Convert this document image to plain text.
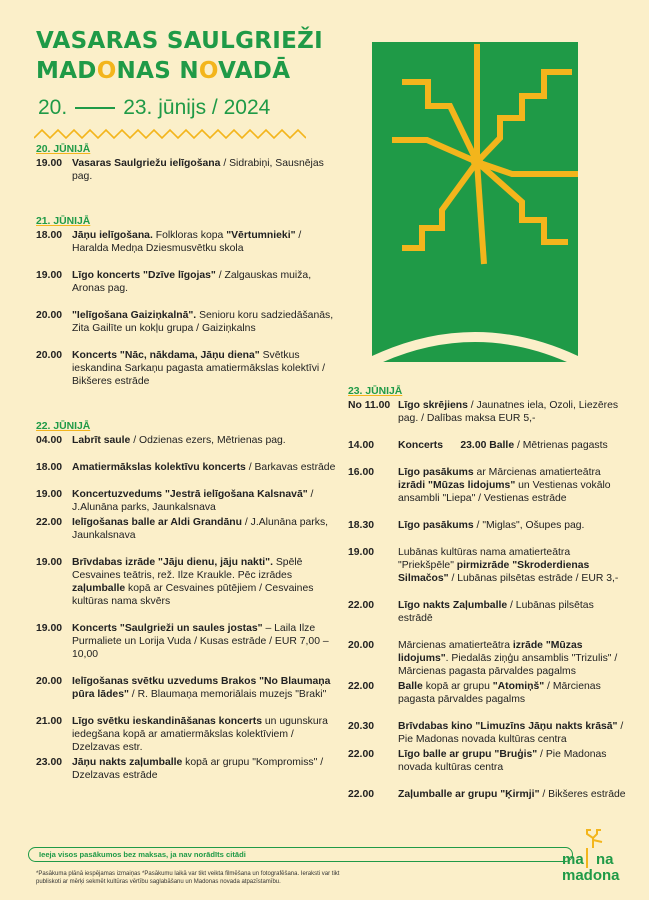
VASARAS SAULGRIEŽI
MADONAS NOVADĀ
20.	23. jūnijs / 2024
20. JŪNIJĀ
19.00 Vasaras Saulgriežu ielīgošana / Sidrabiņi, Sausnējas pag.
21. JŪNIJĀ
18.00 Jāņu ielīgošana. Folkloras kopa "Vērtumnieki" / Haralda Medņa Dziesmusvētku skola
19.00 Līgo koncerts "Dzīve līgojas" / Zalgauskas muiža, Aronas pag.
20.00 "Ielīgošana Gaiziņkalnā". Senioru koru sadziedāšanās, Zita Gailīte un kokļu grupa / Gaiziņkalns
20.00 Koncerts "Nāc, nākdama, Jāņu diena" Svētkus ieskandina Sarkaņu pagasta amatiermākslas kolektīvi / Bikšeres estrāde
22. JŪNIJĀ
04.00 Labrīt saule / Odzienas ezers, Mētrienas pag.
18.00 Amatiermākslas kolektīvu koncerts / Barkavas estrāde
19.00 Koncertuzvedums "Jestrā ielīgošana Kalsnavā" / J.Alunāna parks, Jaunkalsnava
22.00 Ielīgošanas balle ar Aldi Grandānu / J.Alunāna parks, Jaunkalsnava
19.00 Brīvdabas izrāde "Jāju dienu, jāju nakti". Spēlē Cesvaines teātris, rež. Ilze Kraukle. Pēc izrādes zaļumballe kopā ar Cesvaines pūtējiem / Cesvaines kultūras nama skvērs
19.00 Koncerts "Saulgrieži un saules jostas" – Laila Ilze Purmaliete un Lorija Vuda / Kusas estrāde / EUR 7,00 – 10,00
20.00 Ielīgošanas svētku uzvedums Brakos "No Blaumaņa pūra lādes" / R. Blaumaņa memoriālais muzejs "Braki"
21.00 Līgo svētku ieskandināšanas koncerts un ugunskura iedegšana kopā ar amatiermākslas kolektīviem / Dzelzavas estr.
23.00 Jāņu nakts zaļumballe kopā ar grupu "Kompromiss" / Dzelzavas estrāde
23. JŪNIJĀ
No 11.00 Līgo skrējiens / Jaunatnes iela, Ozoli, Liezēres pag. / Dalības maksa EUR 5,-
14.00	Koncerts 23.00 Balle / Mētrienas pagasts
16.00	Līgo pasākums ar Mārcienas amatierteātra izrādi "Mūzas lidojums" un Vestienas vokālo ansambli "Liepa" / Vestienas estrāde
18.30	Līgo pasākums / "Miglas", Ošupes pag.
19.00	Lubānas kultūras nama amatierteātra "Priekšpēle" pirmizrāde "Skroderdienas Silmačos" / Lubānas pilsētas estrāde / EUR 3,-
22.00	Līgo nakts Zaļumballe / Lubānas pilsētas estrādē
20.00	Mārcienas amatierteātra izrāde "Mūzas lidojums". Piedalās ziņģu ansamblis "Trizulis" / Mārcienas pagasta pārvaldes pagalms
22.00	Balle kopā ar grupu "Atomiņš" / Mārcienas pagasta pārvaldes pagalms
20.30	Brīvdabas kino "Limuzīns Jāņu nakts krāsā" / Pie Madonas novada kultūras centra
22.00	Līgo balle ar grupu "Bruģis" / Pie Madonas novada kultūras centra
22.00	Zaļumballe ar grupu "Ķirmji" / Bikšeres estrāde
Ieeja visos pasākumos bez maksas, ja nav norādīts citādi
*Pasākuma plānā iespējamas izmaiņas *Pasākumu laikā var tikt veikta filmēšana un fotografēšana. Ieraksti var tikt publiskoti ar mērķi sekmēt kultūras vērtību saglabāšanu un Madonas novada atpazīstamību.
ma na
madona
